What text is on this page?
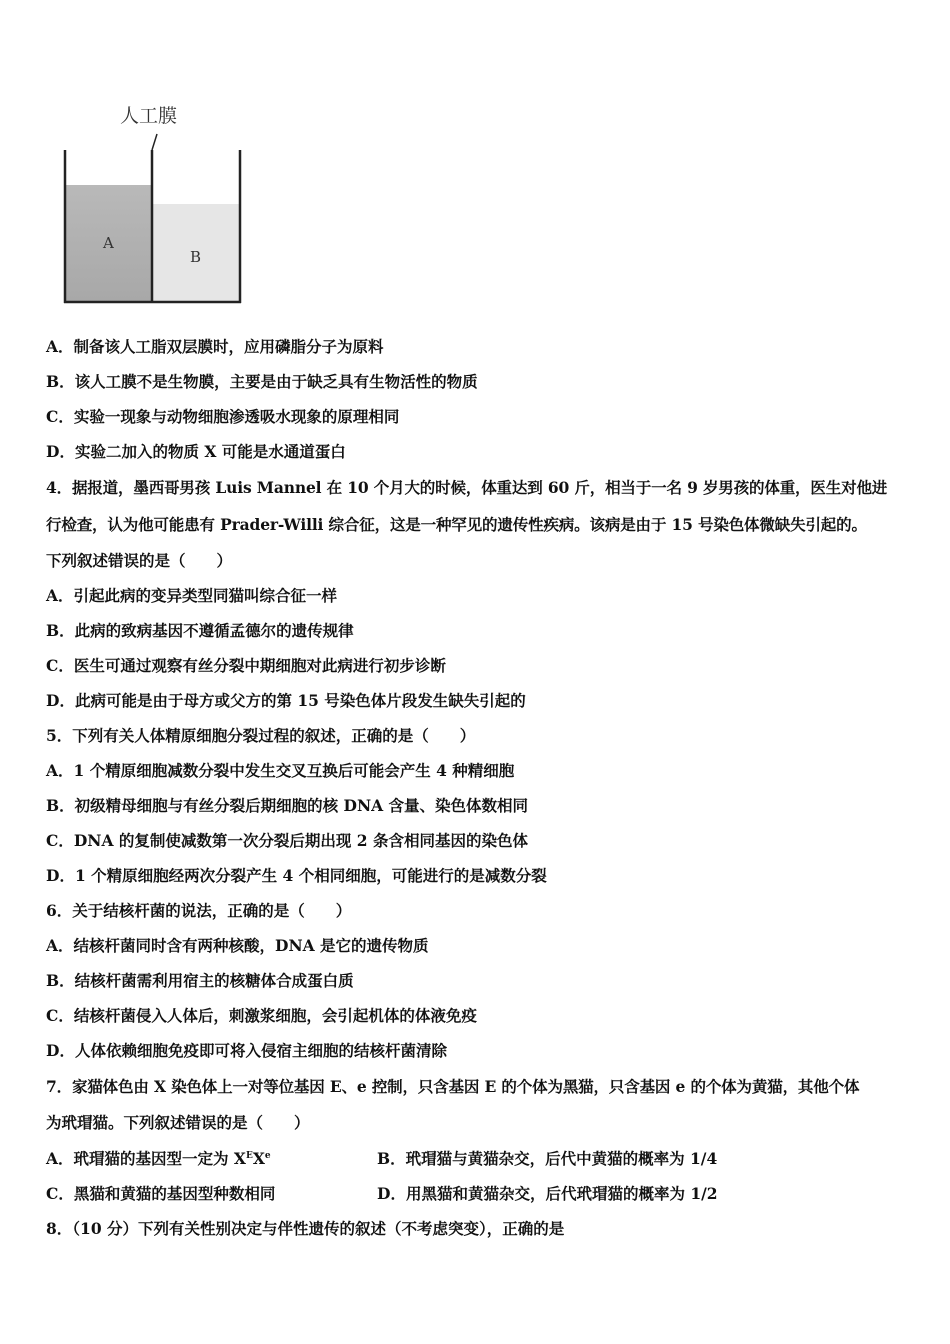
人工膜
A
B
A．制备该人工脂双层膜时，应用磷脂分子为原料
B．该人工膜不是生物膜，主要是由于缺乏具有生物活性的物质
C．实验一现象与动物细胞渗透吸水现象的原理相同
D．实验二加入的物质 X 可能是水通道蛋白
4．据报道，墨西哥男孩 Luis Mannel 在 10 个月大的时候，体重达到 60 斤，相当于一名 9 岁男孩的体重，医生对他进
行检查，认为他可能患有 Prader-Willi 综合征，这是一种罕见的遗传性疾病。该病是由于 15 号染色体微缺失引起的。
下列叙述错误的是（　　）
A．引起此病的变异类型同猫叫综合征一样
B．此病的致病基因不遵循孟德尔的遗传规律
C．医生可通过观察有丝分裂中期细胞对此病进行初步诊断
D．此病可能是由于母方或父方的第 15 号染色体片段发生缺失引起的
5．下列有关人体精原细胞分裂过程的叙述，正确的是（　　）
A．1 个精原细胞减数分裂中发生交叉互换后可能会产生 4 种精细胞
B．初级精母细胞与有丝分裂后期细胞的核 DNA 含量、染色体数相同
C．DNA 的复制使减数第一次分裂后期出现 2 条含相同基因的染色体
D．1 个精原细胞经两次分裂产生 4 个相同细胞，可能进行的是减数分裂
6．关于结核杆菌的说法，正确的是（　　）
A．结核杆菌同时含有两种核酸，DNA 是它的遗传物质
B．结核杆菌需利用宿主的核糖体合成蛋白质
C．结核杆菌侵入人体后，刺激浆细胞，会引起机体的体液免疫
D．人体依赖细胞免疫即可将入侵宿主细胞的结核杆菌清除
7．家猫体色由 X 染色体上一对等位基因 E、e 控制，只含基因 E 的个体为黑猫，只含基因 e 的个体为黄猫，其他个体
为玳瑁猫。下列叙述错误的是（　　）
A．玳瑁猫的基因型一定为 $X^EXe$	B．玳瑁猫与黄猫杂交，后代中黄猫的概率为 1/4
C．黑猫和黄猫的基因型种数相同	D．用黑猫和黄猫杂交，后代玳瑁猫的概率为 1/2
8．（10 分）下列有关性别决定与伴性遗传的叙述（不考虑突变），正确的是
